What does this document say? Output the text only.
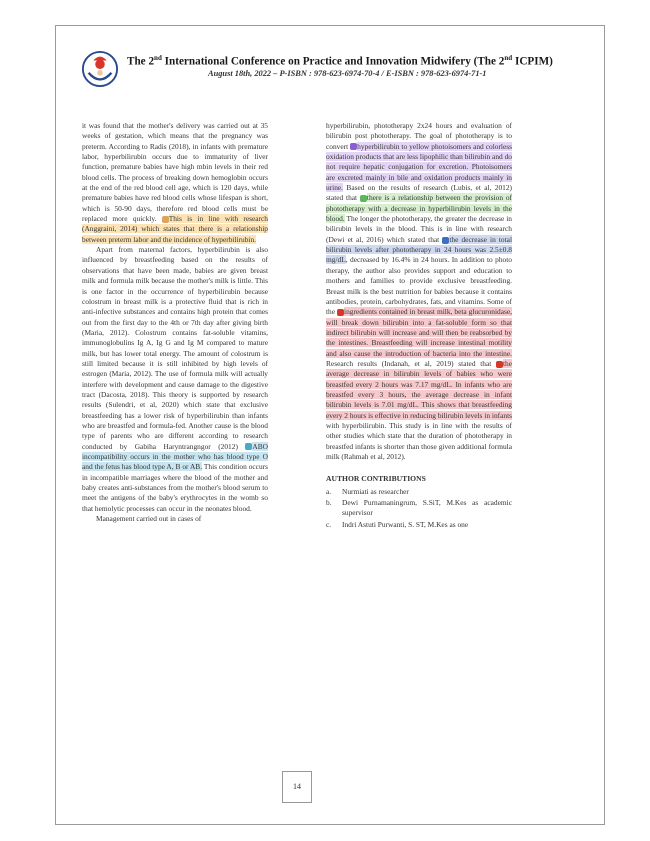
The 2nd International Conference on Practice and Innovation Midwifery (The 2nd ICPIM)
August 18th, 2022 – P-ISBN : 978-623-6974-70-4 / E-ISBN : 978-623-6974-71-1

it was found that the mother's delivery was carried out at 35 weeks of gestation, which means that the pregnancy was preterm. According to Radis (2018), in infants with premature labor, hyperbilirubin occurs due to immaturity of liver function, premature babies have high mbin levels in their red blood cells. The process of breaking down hemoglobin occurs at the end of the red blood cell age, which is 120 days, while premature babies have red blood cells whose lifespan is short, which is 50-90 days, therefore red blood cells must be replaced more quickly. This is in line with research (Anggraini, 2014) which states that there is a relationship between preterm labor and the incidence of hyperbilirubin.

Apart from maternal factors, hyperbilirubin is also influenced by breastfeeding based on the results of observations that have been made, babies are given breast milk and formula milk because the mother's milk is little. This is one factor in the occurrence of hyperbilirubin because colostrum in breast milk is a protective fluid that is rich in anti-infective substances and contains high protein that comes out from the first day to the 4th or 7th day after giving birth (Maria, 2012). Colostrum contains fat-soluble vitamins, immunoglobulins Ig A, Ig G and Ig M compared to mature milk, but has lower total energy. The amount of colostrum is still limited because it is still inhibited by high levels of estrogen (Maria, 2012). The use of formula milk will actually interfere with development and cause damage to the digestive tract (Dacosta, 2018). This theory is supported by research results (Sulendri, et al, 2020) which state that exclusive breastfeeding has a lower risk of hyperbilirubin than infants who are breastfed and formula-fed. Another cause is the blood type of parents who are different according to research conducted by Gabiha Haryntrangngor (2012) ABO incompatibility occurs in the mother who has blood type O and the fetus has blood type A, B or AB. This condition occurs in incompatible marriages where the blood of the mother and baby creates anti-substances from the mother's blood serum to meet the antigens of the baby's erythrocytes in the womb so that hemolytic processes can occur in the neonates blood.

Management carried out in cases of

hyperbilirubin, phototherapy 2x24 hours and evaluation of bilirubin post phototherapy. The goal of phototherapy is to convert hyperbilirubin to yellow photoisomers and colorless oxidation products that are less lipophilic than bilirubin and do not require hepatic conjugation for excretion. Photoisomers are excreted mainly in bile and oxidation products mainly in urine. Based on the results of research (Lubis, et al, 2012) stated that there is a relationship between the provision of phototherapy with a decrease in hyperbilirubin levels in the blood. The longer the phototherapy, the greater the decrease in bilirubin levels in the blood. This is in line with research (Dewi et al, 2016) which stated that the decrease in total bilirubin levels after phototherapy in 24 hours was 2.5±0.8 mg/dL, decreased by 16.4% in 24 hours. In addition to photo therapy, the author also provides support and education to mothers and families to provide exclusive breastfeeding. Breast milk is the best nutrition for babies because it contains antibodies, protein, carbohydrates, fats, and vitamins. Some of the ingredients contained in breast milk, beta glucuronidase, will break down bilirubin into a fat-soluble form so that indirect bilirubin will increase and will then be reabsorbed by the intestines. Breastfeeding will increase intestinal motility and also cause the introduction of bacteria into the intestine. Research results (Indanah, et al, 2019) stated that the average decrease in bilirubin levels of babies who were breastfed every 2 hours was 7.17 mg/dL. In infants who are breastfed every 3 hours, the average decrease in infant bilirubin levels is 7.01 mg/dL. This shows that breastfeeding every 2 hours is effective in reducing bilirubin levels in infants with hyperbilirubin. This study is in line with the results of other studies which state that the duration of phototherapy in breastfed infants is shorter than those given additional formula milk (Rahmah et al, 2012).

AUTHOR CONTRIBUTIONS

a. Nurmiati as researcher
b. Dewi Purnamaningrum, S.SiT, M.Kes as academic supervisor
c. Indri Astuti Purwanti, S. ST, M.Kes as one
14
